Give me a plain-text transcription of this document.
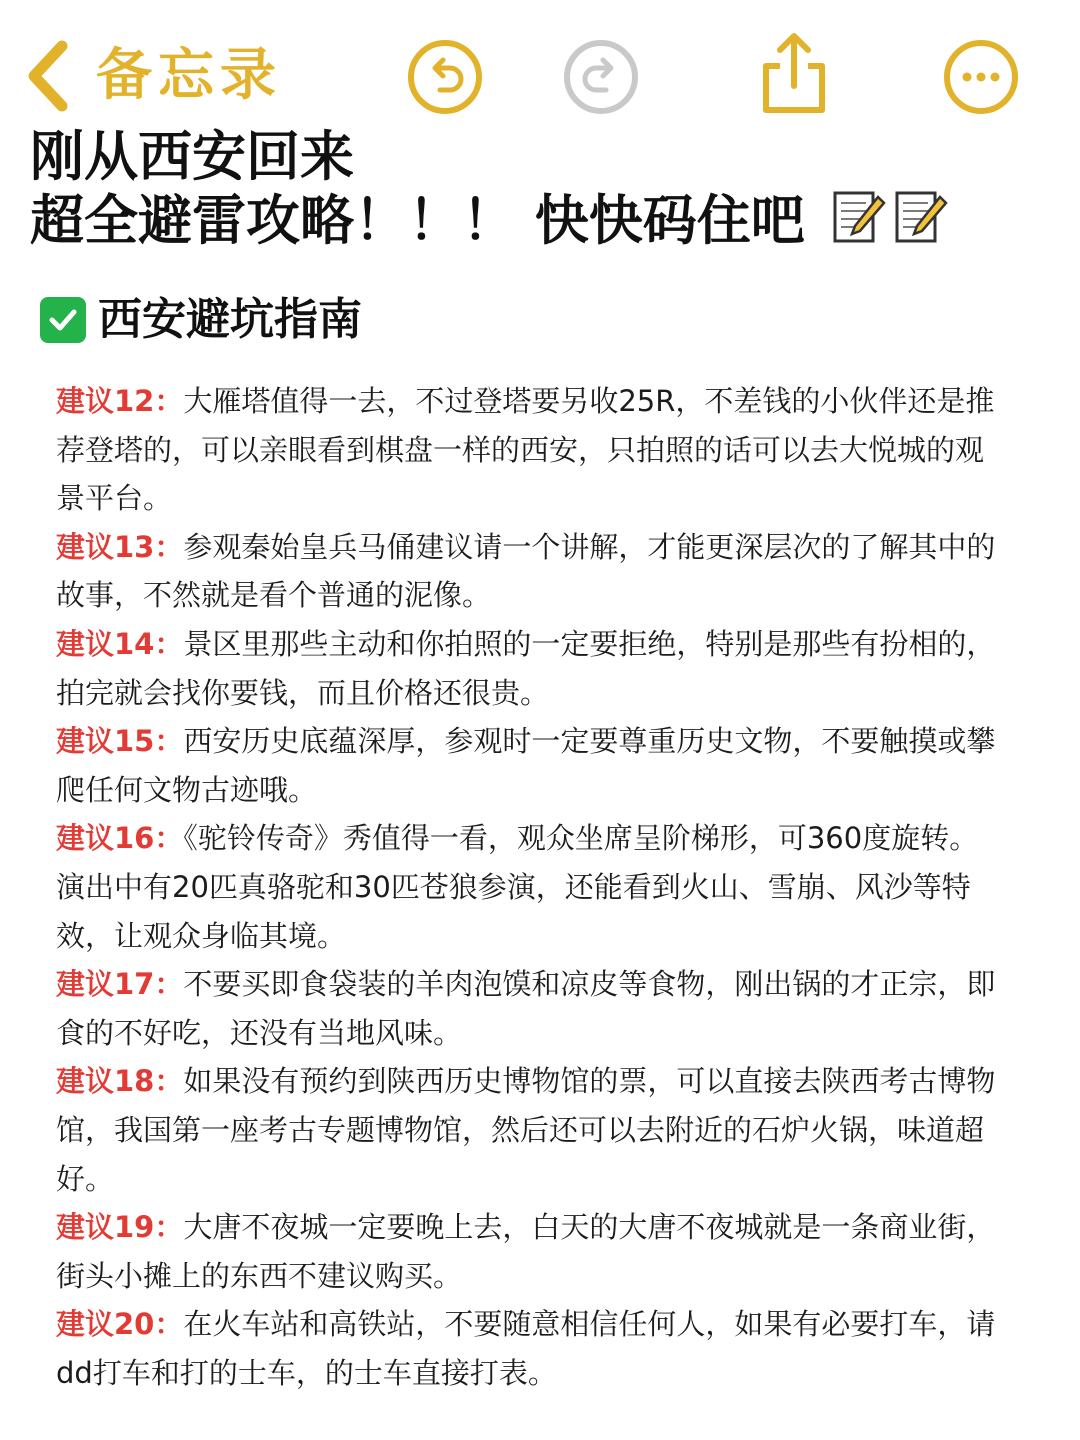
备忘录
刚从西安回来
超全避雷攻略！！！ 快快码住吧
西安避坑指南
建议12：大雁塔值得一去，不过登塔要另收25R，不差钱的小伙伴还是推荐登塔的，可以亲眼看到棋盘一样的西安，只拍照的话可以去大悦城的观景平台。
建议13：参观秦始皇兵马俑建议请一个讲解，才能更深层次的了解其中的故事，不然就是看个普通的泥像。
建议14：景区里那些主动和你拍照的一定要拒绝，特别是那些有扮相的，拍完就会找你要钱，而且价格还很贵。
建议15：西安历史底蕴深厚，参观时一定要尊重历史文物，不要触摸或攀爬任何文物古迹哦。
建议16：《驼铃传奇》秀值得一看，观众坐席呈阶梯形，可360度旋转。演出中有20匹真骆驼和30匹苍狼参演，还能看到火山、雪崩、风沙等特效，让观众身临其境。
建议17：不要买即食袋装的羊肉泡馍和凉皮等食物，刚出锅的才正宗，即食的不好吃，还没有当地风味。
建议18：如果没有预约到陕西历史博物馆的票，可以直接去陕西考古博物馆，我国第一座考古专题博物馆，然后还可以去附近的石炉火锅，味道超好。
建议19：大唐不夜城一定要晚上去，白天的大唐不夜城就是一条商业街，街头小摊上的东西不建议购买。
建议20：在火车站和高铁站，不要随意相信任何人，如果有必要打车，请dd打车和打的士车，的士车直接打表。
